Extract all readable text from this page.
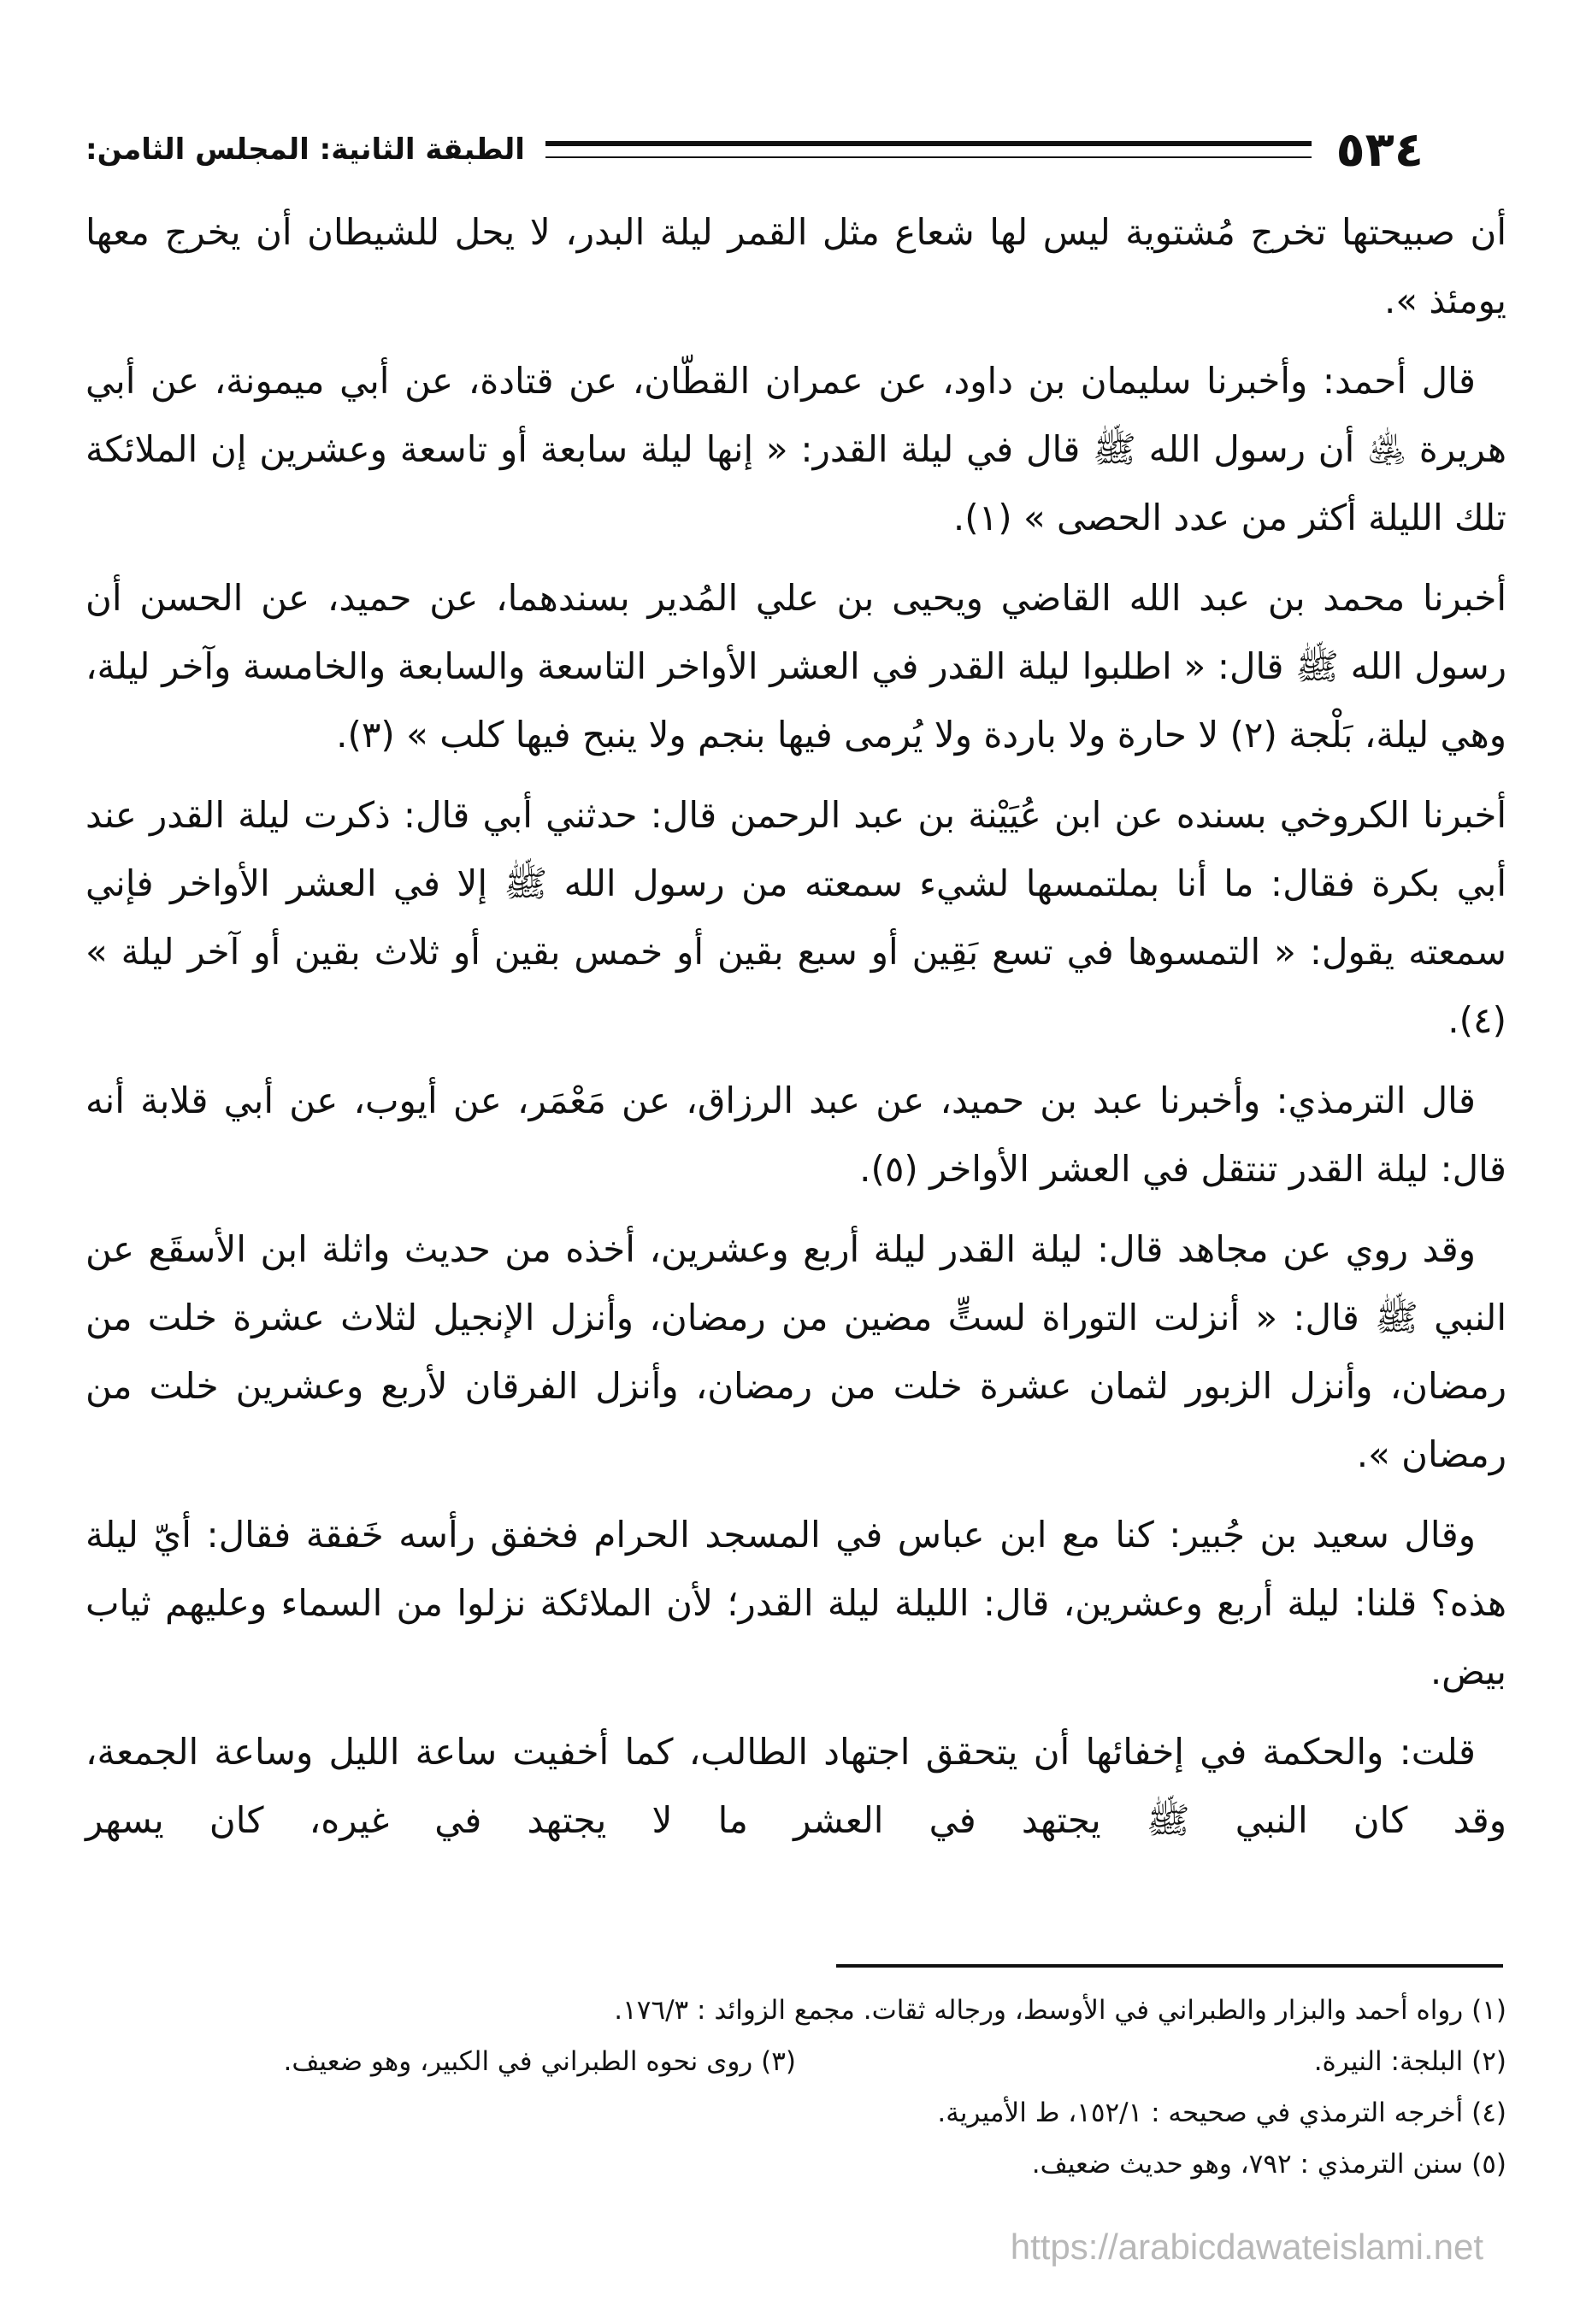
٥٣٤
الطبقة الثانية: المجلس الثامن:

أن صبيحتها تخرج مُشتوية ليس لها شعاع مثل القمر ليلة البدر، لا يحل للشيطان أن يخرج معها يومئذ ».

قال أحمد: وأخبرنا سليمان بن داود، عن عمران القطّان، عن قتادة، عن أبي ميمونة، عن أبي هريرة ﵁ أن رسول الله ﷺ قال في ليلة القدر: « إنها ليلة سابعة أو تاسعة وعشرين إن الملائكة تلك الليلة أكثر من عدد الحصى » (١).

أخبرنا محمد بن عبد الله القاضي ويحيى بن علي المُدير بسندهما، عن حميد، عن الحسن أن رسول الله ﷺ قال: « اطلبوا ليلة القدر في العشر الأواخر التاسعة والسابعة والخامسة وآخر ليلة، وهي ليلة، بَلْجة (٢) لا حارة ولا باردة ولا يُرمى فيها بنجم ولا ينبح فيها كلب » (٣).

أخبرنا الكروخي بسنده عن ابن عُيَيْنة بن عبد الرحمن قال: حدثني أبي قال: ذكرت ليلة القدر عند أبي بكرة فقال: ما أنا بملتمسها لشيء سمعته من رسول الله ﷺ إلا في العشر الأواخر فإني سمعته يقول: « التمسوها في تسع بَقِين أو سبع بقين أو خمس بقين أو ثلاث بقين أو آخر ليلة » (٤).

قال الترمذي: وأخبرنا عبد بن حميد، عن عبد الرزاق، عن مَعْمَر، عن أيوب، عن أبي قلابة أنه قال: ليلة القدر تنتقل في العشر الأواخر (٥).

وقد روي عن مجاهد قال: ليلة القدر ليلة أربع وعشرين، أخذه من حديث واثلة ابن الأسقَع عن النبي ﷺ قال: « أنزلت التوراة لستٍّ مضين من رمضان، وأنزل الإنجيل لثلاث عشرة خلت من رمضان، وأنزل الزبور لثمان عشرة خلت من رمضان، وأنزل الفرقان لأربع وعشرين خلت من رمضان ».

وقال سعيد بن جُبير: كنا مع ابن عباس في المسجد الحرام فخفق رأسه خَفقة فقال: أيّ ليلة هذه؟ قلنا: ليلة أربع وعشرين، قال: الليلة ليلة القدر؛ لأن الملائكة نزلوا من السماء وعليهم ثياب بيض.

قلت: والحكمة في إخفائها أن يتحقق اجتهاد الطالب، كما أخفيت ساعة الليل وساعة الجمعة، وقد كان النبي ﷺ يجتهد في العشر ما لا يجتهد في غيره، كان يسهر

(١) رواه أحمد والبزار والطبراني في الأوسط، ورجاله ثقات. مجمع الزوائد : ١٧٦/٣.
(٢) البلجة: النيرة.
(٣) روى نحوه الطبراني في الكبير، وهو ضعيف.
(٤) أخرجه الترمذي في صحيحه : ١٥٢/١، ط الأميرية.
(٥) سنن الترمذي : ٧٩٢، وهو حديث ضعيف.
https://arabicdawateislami.net
